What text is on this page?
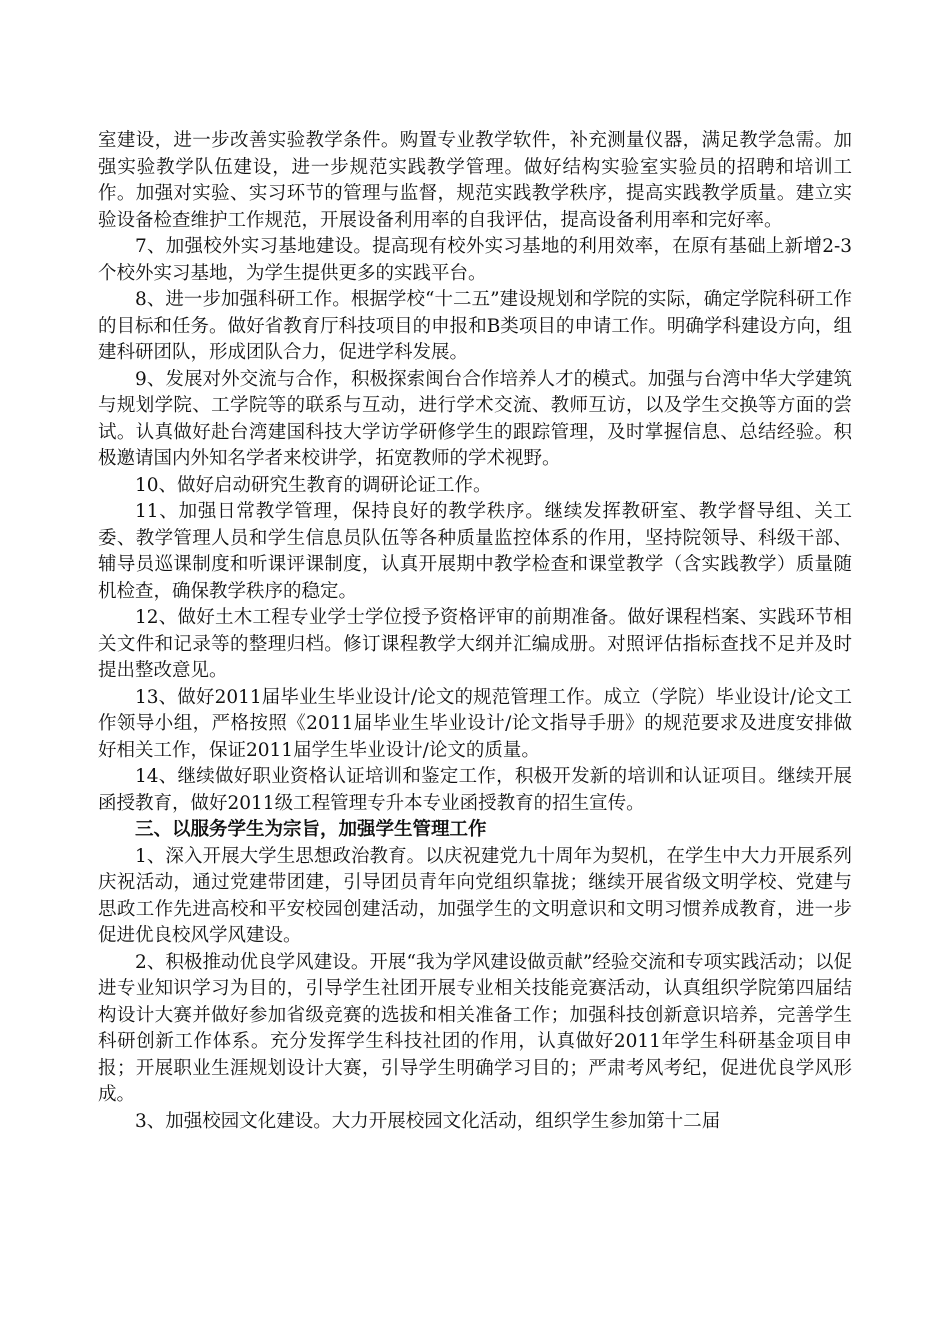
室建设，进一步改善实验教学条件。购置专业教学软件，补充测量仪器，满足教学急需。加强实验教学队伍建设，进一步规范实践教学管理。做好结构实验室实验员的招聘和培训工作。加强对实验、实习环节的管理与监督，规范实践教学秩序，提高实践教学质量。建立实验设备检查维护工作规范，开展设备利用率的自我评估，提高设备利用率和完好率。

7、加强校外实习基地建设。提高现有校外实习基地的利用效率，在原有基础上新增2-3个校外实习基地，为学生提供更多的实践平台。

8、进一步加强科研工作。根据学校“十二五”建设规划和学院的实际，确定学院科研工作的目标和任务。做好省教育厅科技项目的申报和B类项目的申请工作。明确学科建设方向，组建科研团队，形成团队合力，促进学科发展。

9、发展对外交流与合作，积极探索闽台合作培养人才的模式。加强与台湾中华大学建筑与规划学院、工学院等的联系与互动，进行学术交流、教师互访，以及学生交换等方面的尝试。认真做好赴台湾建国科技大学访学研修学生的跟踪管理，及时掌握信息、总结经验。积极邀请国内外知名学者来校讲学，拓宽教师的学术视野。

10、做好启动研究生教育的调研论证工作。

11、加强日常教学管理，保持良好的教学秩序。继续发挥教研室、教学督导组、关工委、教学管理人员和学生信息员队伍等各种质量监控体系的作用，坚持院领导、科级干部、辅导员巡课制度和听课评课制度，认真开展期中教学检查和课堂教学（含实践教学）质量随机检查，确保教学秩序的稳定。

12、做好土木工程专业学士学位授予资格评审的前期准备。做好课程档案、实践环节相关文件和记录等的整理归档。修订课程教学大纲并汇编成册。对照评估指标查找不足并及时提出整改意见。

13、做好2011届毕业生毕业设计/论文的规范管理工作。成立（学院）毕业设计/论文工作领导小组，严格按照《2011届毕业生毕业设计/论文指导手册》的规范要求及进度安排做好相关工作，保证2011届学生毕业设计/论文的质量。

14、继续做好职业资格认证培训和鉴定工作，积极开发新的培训和认证项目。继续开展函授教育，做好2011级工程管理专升本专业函授教育的招生宣传。

三、以服务学生为宗旨，加强学生管理工作

1、深入开展大学生思想政治教育。以庆祝建党九十周年为契机，在学生中大力开展系列庆祝活动，通过党建带团建，引导团员青年向党组织靠拢；继续开展省级文明学校、党建与思政工作先进高校和平安校园创建活动，加强学生的文明意识和文明习惯养成教育，进一步促进优良校风学风建设。

2、积极推动优良学风建设。开展“我为学风建设做贡献”经验交流和专项实践活动；以促进专业知识学习为目的，引导学生社团开展专业相关技能竞赛活动，认真组织学院第四届结构设计大赛并做好参加省级竞赛的选拔和相关准备工作；加强科技创新意识培养，完善学生科研创新工作体系。充分发挥学生科技社团的作用，认真做好2011年学生科研基金项目申报；开展职业生涯规划设计大赛，引导学生明确学习目的；严肃考风考纪，促进优良学风形成。

3、加强校园文化建设。大力开展校园文化活动，组织学生参加第十二届
